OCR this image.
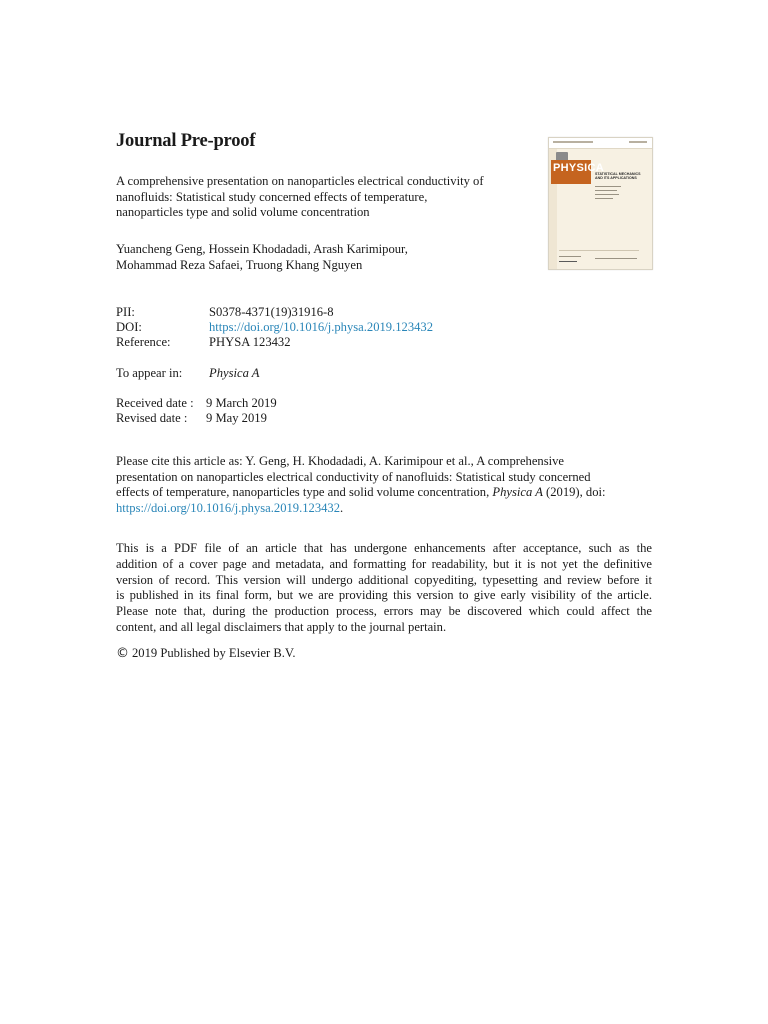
Journal Pre-proof
A comprehensive presentation on nanoparticles electrical conductivity of
nanofluids: Statistical study concerned effects of temperature,
nanoparticles type and solid volume concentration
Yuancheng Geng, Hossein Khodadadi, Arash Karimipour,
Mohammad Reza Safaei, Truong Khang Nguyen
PHYSICA
STATISTICAL MECHANICS
AND ITS APPLICATIONS
PII:	S0378-4371(19)31916-8
DOI:	https://doi.org/10.1016/j.physa.2019.123432
Reference:	PHYSA 123432
To appear in: Physica A
Received date : 9 March 2019
Revised date : 9 May 2019
Please cite this article as: Y. Geng, H. Khodadadi, A. Karimipour et al., A comprehensive
presentation on nanoparticles electrical conductivity of nanofluids: Statistical study concerned
effects of temperature, nanoparticles type and solid volume concentration, Physica A (2019), doi:
https://doi.org/10.1016/j.physa.2019.123432.
This is a PDF file of an article that has undergone enhancements after acceptance, such as the
addition of a cover page and metadata, and formatting for readability, but it is not yet the definitive
version of record. This version will undergo additional copyediting, typesetting and review before it
is published in its final form, but we are providing this version to give early visibility of the article.
Please note that, during the production process, errors may be discovered which could affect the
content, and all legal disclaimers that apply to the journal pertain.
© 2019 Published by Elsevier B.V.
